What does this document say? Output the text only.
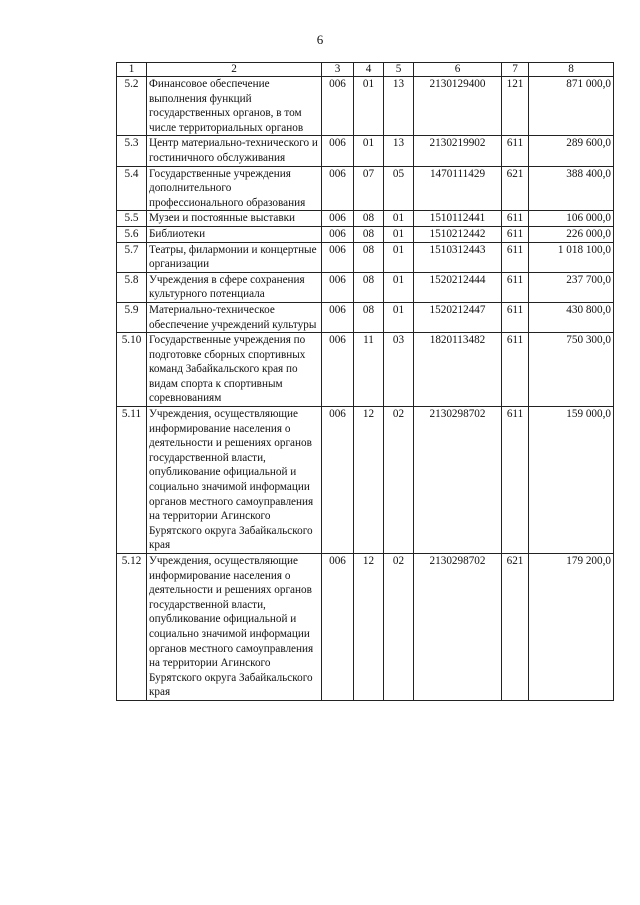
6
1	2	3	4	5	6	7	8
5.2	Финансовое обеспечение выполнения функций государственных органов, в том числе территориальных органов	006	01	13	2130129400	121	871 000,0
5.3	Центр материально-технического и гостиничного обслуживания	006	01	13	2130219902	611	289 600,0
5.4	Государственные учреждения дополнительного профессионального образования	006	07	05	1470111429	621	388 400,0
5.5	Музеи и постоянные выставки	006	08	01	1510112441	611	106 000,0
5.6	Библиотеки	006	08	01	1510212442	611	226 000,0
5.7	Театры, филармонии и концертные организации	006	08	01	1510312443	611	1 018 100,0
5.8	Учреждения в сфере сохранения культурного потенциала	006	08	01	1520212444	611	237 700,0
5.9	Материально-техническое обеспечение учреждений культуры	006	08	01	1520212447	611	430 800,0
5.10	Государственные учреждения по подготовке сборных спортивных команд Забайкальского края по видам спорта к спортивным соревнованиям	006	11	03	1820113482	611	750 300,0
5.11	Учреждения, осуществляющие информирование населения о деятельности и решениях органов государственной власти, опубликование официальной и социально значимой информации органов местного самоуправления на территории Агинского Бурятского округа Забайкальского края	006	12	02	2130298702	611	159 000,0
5.12	Учреждения, осуществляющие информирование населения о деятельности и решениях органов государственной власти, опубликование официальной и социально значимой информации органов местного самоуправления на территории Агинского Бурятского округа Забайкальского края	006	12	02	2130298702	621	179 200,0
